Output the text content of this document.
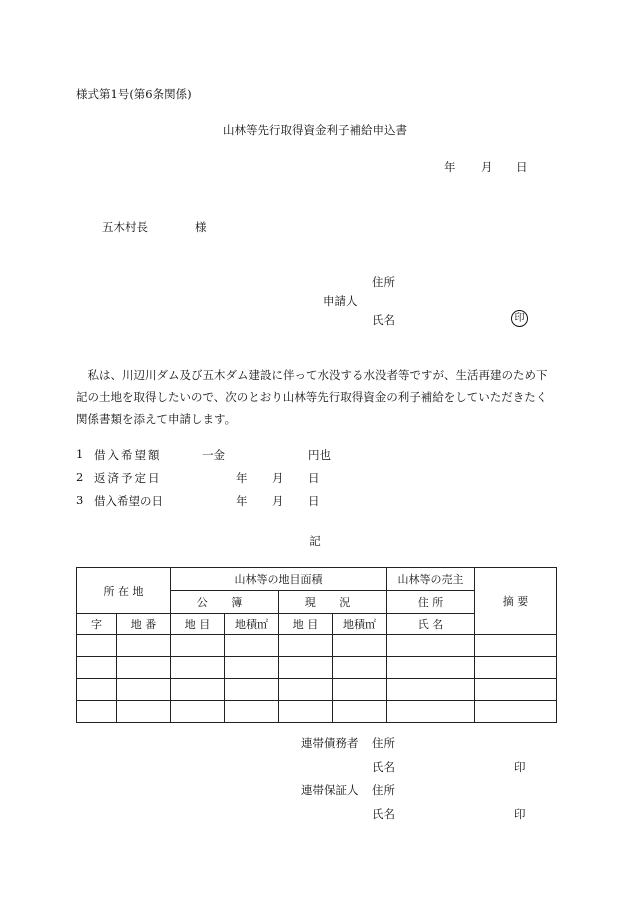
様式第1号(第6条関係)
山林等先行取得資金利子補給申込書
年 月 日
五木村長	様
住所
申請人
氏名	印
私は、川辺川ダム及び五木ダム建設に伴って水没する水没者等ですが、生活再建のため下記の土地を取得したいので、次のとおり山林等先行取得資金の利子補給をしていただきたく関係書類を添えて申請します。
1 借入希望額	一金	円也
2 返済予定日	年 月 日
3 借入希望の日	年 月 日
記
所 在 地		山林等の地目面積				山林等の売主	摘 要
		公 簿		現 況		住 所	
字	地 番	地 目	地積㎡	地 目	地積㎡	氏 名	

連帯債務者 住所
氏名	印
連帯保証人 住所
氏名	印
